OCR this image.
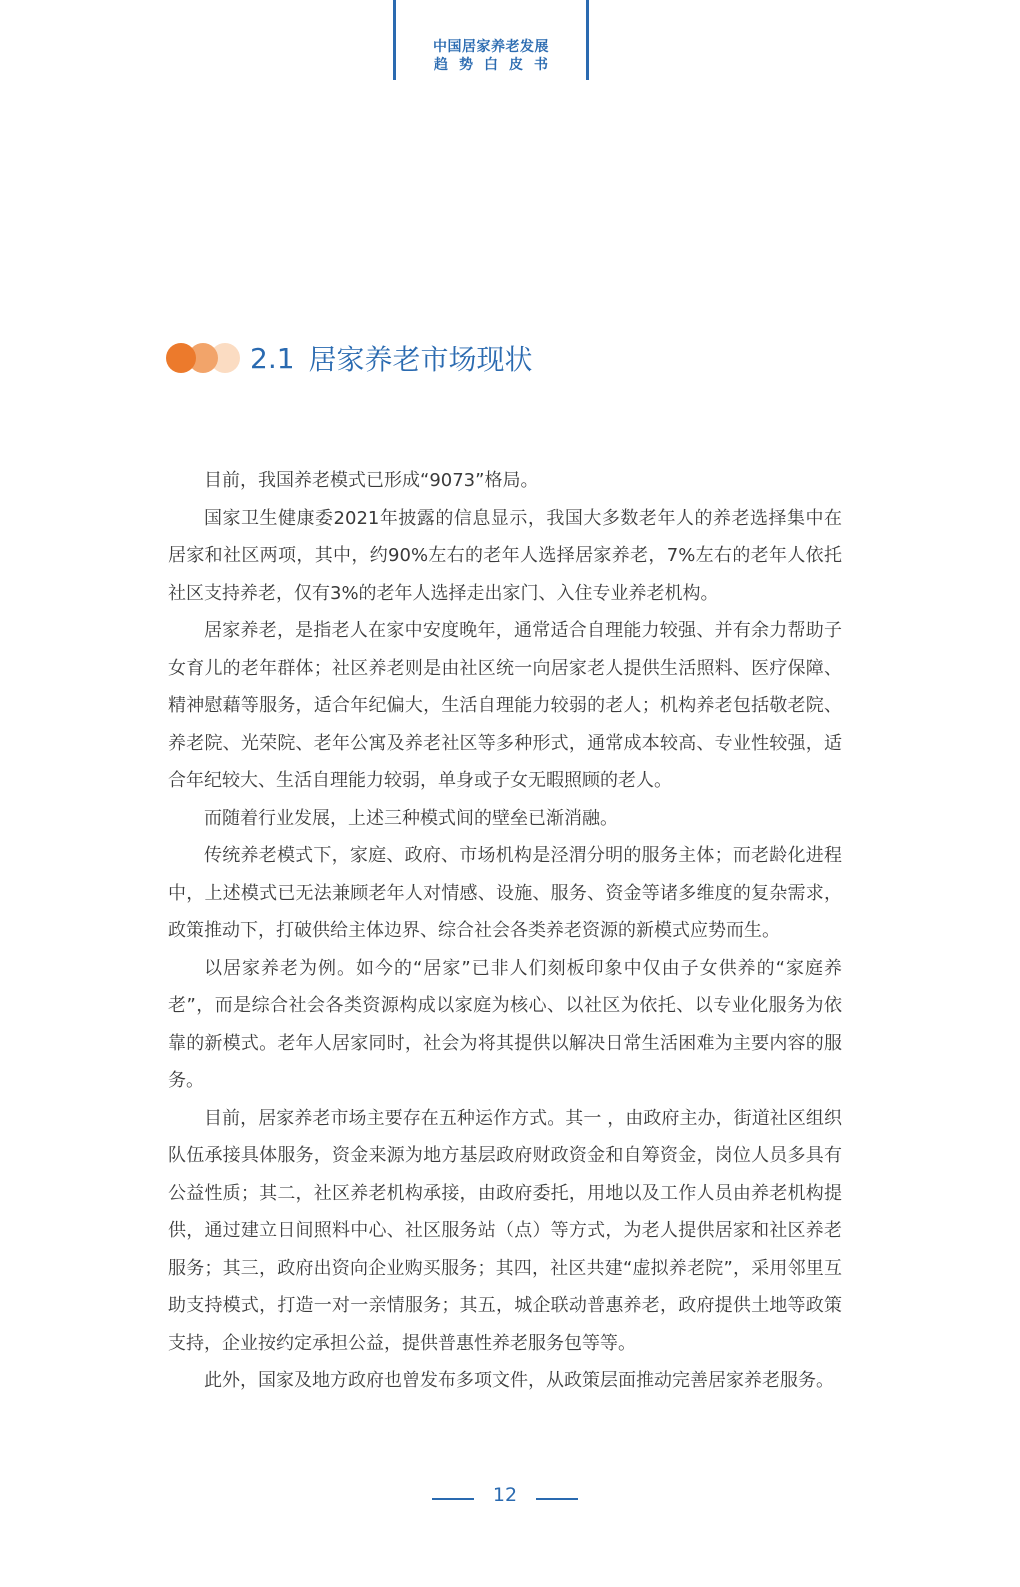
中国居家养老发展
趋势白皮书
2.1 居家养老市场现状

目前，我国养老模式已形成“9073”格局。

国家卫生健康委2021年披露的信息显示，我国大多数老年人的养老选择集中在居家和社区两项，其中，约90%左右的老年人选择居家养老，7%左右的老年人依托社区支持养老，仅有3%的老年人选择走出家门、入住专业养老机构。

居家养老，是指老人在家中安度晚年，通常适合自理能力较强、并有余力帮助子女育儿的老年群体；社区养老则是由社区统一向居家老人提供生活照料、医疗保障、精神慰藉等服务，适合年纪偏大，生活自理能力较弱的老人；机构养老包括敬老院、养老院、光荣院、老年公寓及养老社区等多种形式，通常成本较高、专业性较强，适合年纪较大、生活自理能力较弱，单身或子女无暇照顾的老人。

而随着行业发展，上述三种模式间的壁垒已渐消融。

传统养老模式下，家庭、政府、市场机构是泾渭分明的服务主体；而老龄化进程中，上述模式已无法兼顾老年人对情感、设施、服务、资金等诸多维度的复杂需求，政策推动下，打破供给主体边界、综合社会各类养老资源的新模式应势而生。

以居家养老为例。如今的“居家”已非人们刻板印象中仅由子女供养的“家庭养老”，而是综合社会各类资源构成以家庭为核心、以社区为依托、以专业化服务为依靠的新模式。老年人居家同时，社会为将其提供以解决日常生活困难为主要内容的服务。

目前，居家养老市场主要存在五种运作方式。其一 ，由政府主办，街道社区组织队伍承接具体服务，资金来源为地方基层政府财政资金和自筹资金，岗位人员多具有公益性质；其二，社区养老机构承接，由政府委托，用地以及工作人员由养老机构提供，通过建立日间照料中心、社区服务站（点）等方式，为老人提供居家和社区养老服务；其三，政府出资向企业购买服务；其四，社区共建“虚拟养老院”，采用邻里互助支持模式，打造一对一亲情服务；其五，城企联动普惠养老，政府提供土地等政策支持，企业按约定承担公益，提供普惠性养老服务包等等。

此外，国家及地方政府也曾发布多项文件，从政策层面推动完善居家养老服务。

12
